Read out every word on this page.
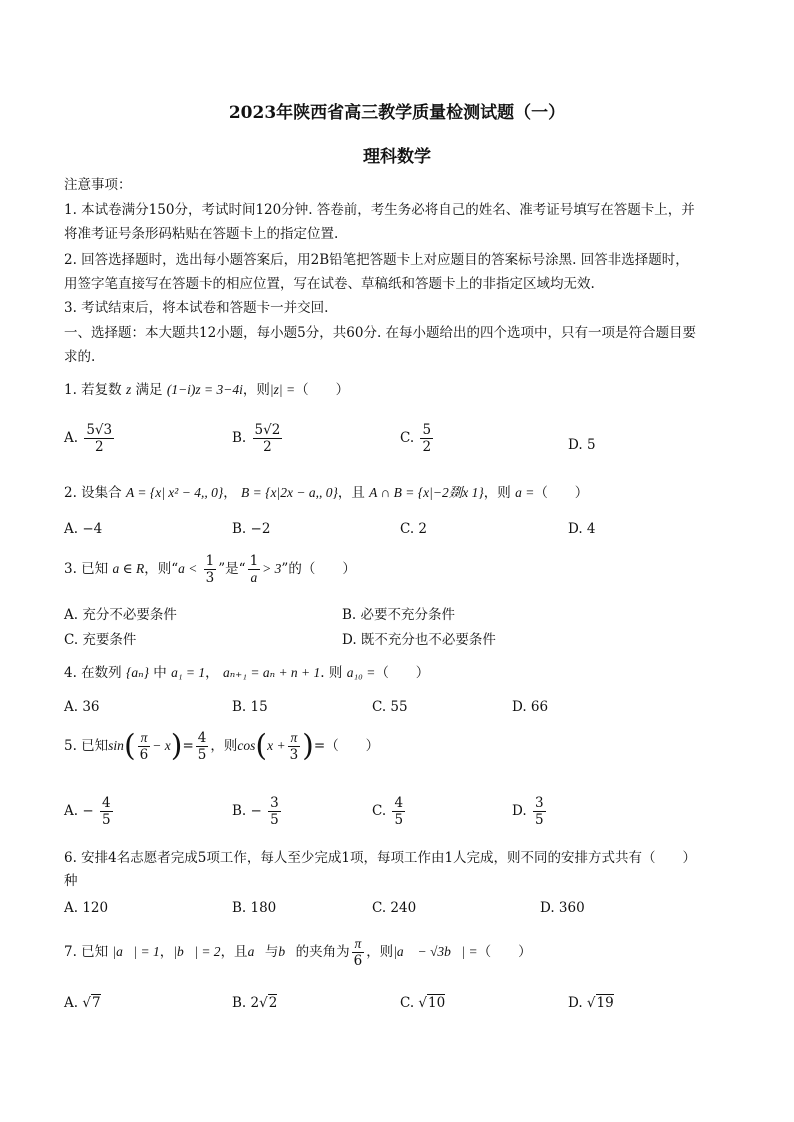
2023年陕西省高三教学质量检测试题（一）
理科数学
注意事项：
1. 本试卷满分150分，考试时间120分钟. 答卷前，考生务必将自己的姓名、准考证号填写在答题卡上，并
将准考证号条形码粘贴在答题卡上的指定位置.
2. 回答选择题时，选出每小题答案后，用2B铅笔把答题卡上对应题目的答案标号涂黑. 回答非选择题时，
用签字笔直接写在答题卡的相应位置，写在试卷、草稿纸和答题卡上的非指定区域均无效.
3. 考试结束后，将本试卷和答题卡一并交回.
一、选择题：本大题共12小题，每小题5分，共60分. 在每小题给出的四个选项中，只有一项是符合题目要
求的.
1. 若复数 z 满足 (1−i)z = 3−4i，则|z| =（　　）
A. $\frac{5√3}{2}$	B. $\frac{5√2}{2}$	C. $\frac{5}{2}$	D. 5
2. 设集合 A = {x| x² − 4,, 0}， B = {x|2x − a,, 0}，且 A ∩ B = {x|−2剟x 1}，则 a =（　　）
A. −4	B. −2	C. 2	D. 4
3. 已知 a ∈ R，则“$a < \frac{1}{3}$ ”是“ $\frac{1}{a} > 3$”的（　　）
A. 充分不必要条件	B. 必要不充分条件
C. 充要条件	D. 既不充分也不必要条件
4. 在数列 {aₙ} 中 a₁ = 1， aₙ₊₁ = aₙ + n + 1. 则 a₁₀ =（　　）
A. 36	B. 15	C. 55	D. 66
5. 已知$\sin( \frac{\pi}{6} - x)= \frac{4}{5}$ ，则$\cos(x + \frac{\pi}{3}$ )=（　　）
A. − $\frac{4}{5}$	B. − $\frac{3}{5}$	C. $\frac{4}{5}$	D. $\frac{3}{5}$
6. 安排4名志愿者完成5项工作，每人至少完成1项，每项工作由1人完成，则不同的安排方式共有（　　）
种
A. 120	B. 180	C. 240	D. 360
7. 已知 |a⃗| = 1，|b⃗| = 2，且a⃗与b⃗的夹角为 $\frac{\pi}{6}$ ，则|a⃗ − √3b⃗| =（　　）
A. √7	B. 2√2	C. √10	D. √19
